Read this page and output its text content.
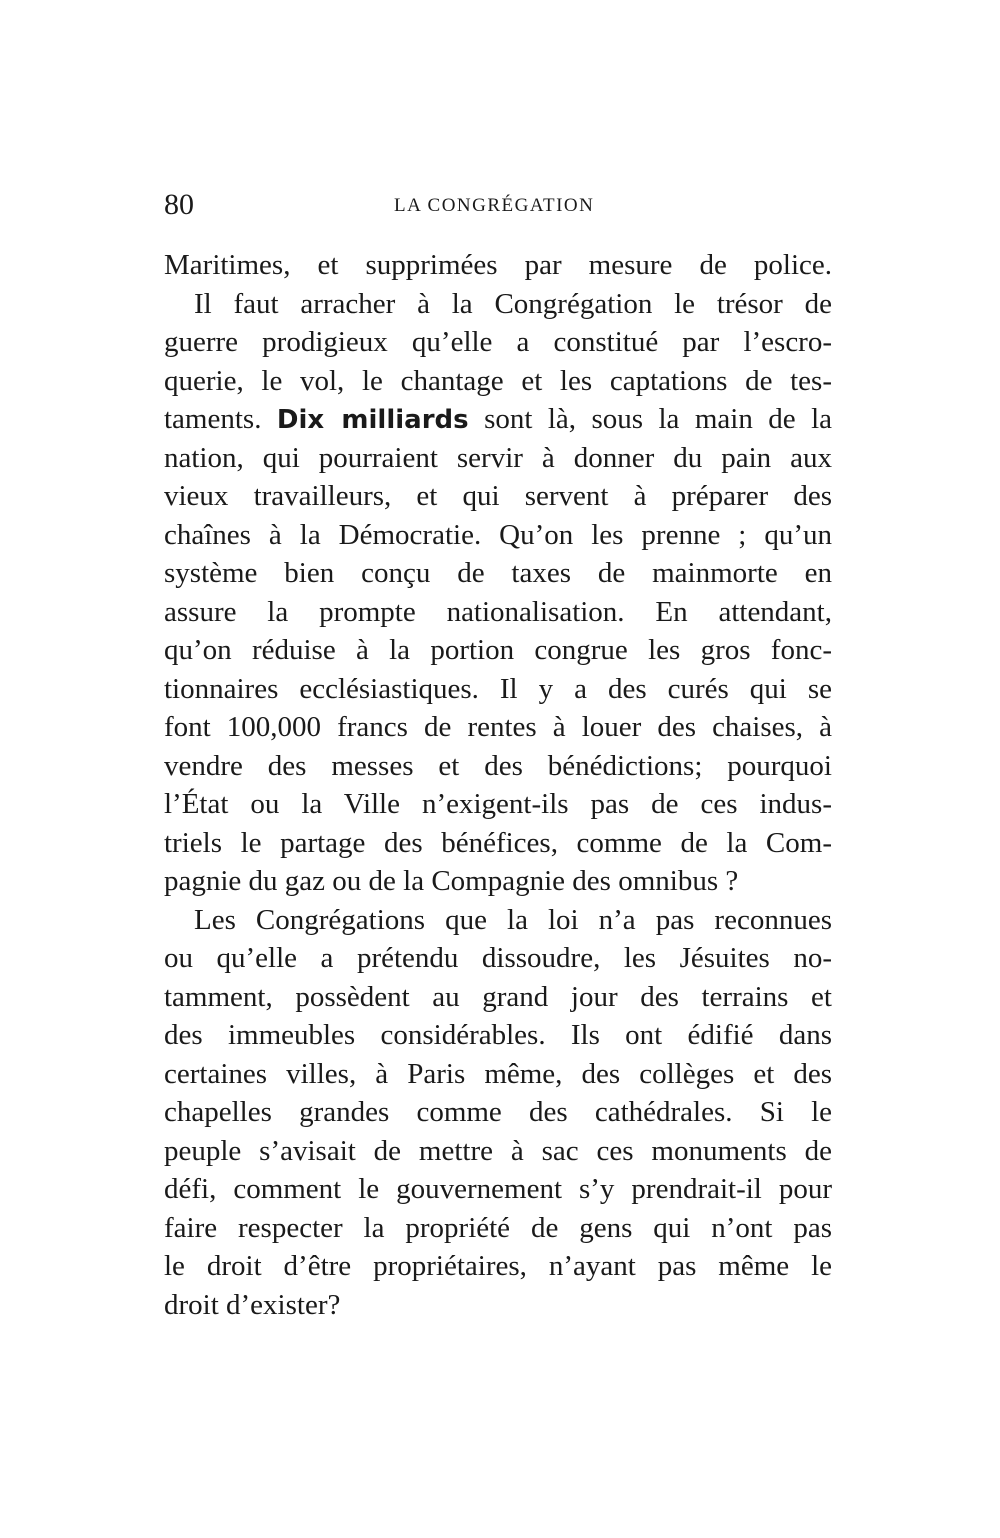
80	LA CONGRÉGATION
Maritimes, et supprimées par mesure de police.
Il faut arracher à la Congrégation le trésor de
guerre prodigieux qu’elle a constitué par l’escro-
querie, le vol, le chantage et les captations de tes-
taments. Dix milliards sont là, sous la main de la
nation, qui pourraient servir à donner du pain aux
vieux travailleurs, et qui servent à préparer des
chaînes à la Démocratie. Qu’on les prenne ; qu’un
système bien conçu de taxes de mainmorte en
assure la prompte nationalisation. En attendant,
qu’on réduise à la portion congrue les gros fonc-
tionnaires ecclésiastiques. Il y a des curés qui se
font 100,000 francs de rentes à louer des chaises, à
vendre des messes et des bénédictions; pourquoi
l’État ou la Ville n’exigent-ils pas de ces indus-
triels le partage des bénéfices, comme de la Com-
pagnie du gaz ou de la Compagnie des omnibus ?
Les Congrégations que la loi n’a pas reconnues
ou qu’elle a prétendu dissoudre, les Jésuites no-
tamment, possèdent au grand jour des terrains et
des immeubles considérables. Ils ont édifié dans
certaines villes, à Paris même, des collèges et des
chapelles grandes comme des cathédrales. Si le
peuple s’avisait de mettre à sac ces monuments de
défi, comment le gouvernement s’y prendrait-il pour
faire respecter la propriété de gens qui n’ont pas
le droit d’être propriétaires, n’ayant pas même le
droit d’exister?
